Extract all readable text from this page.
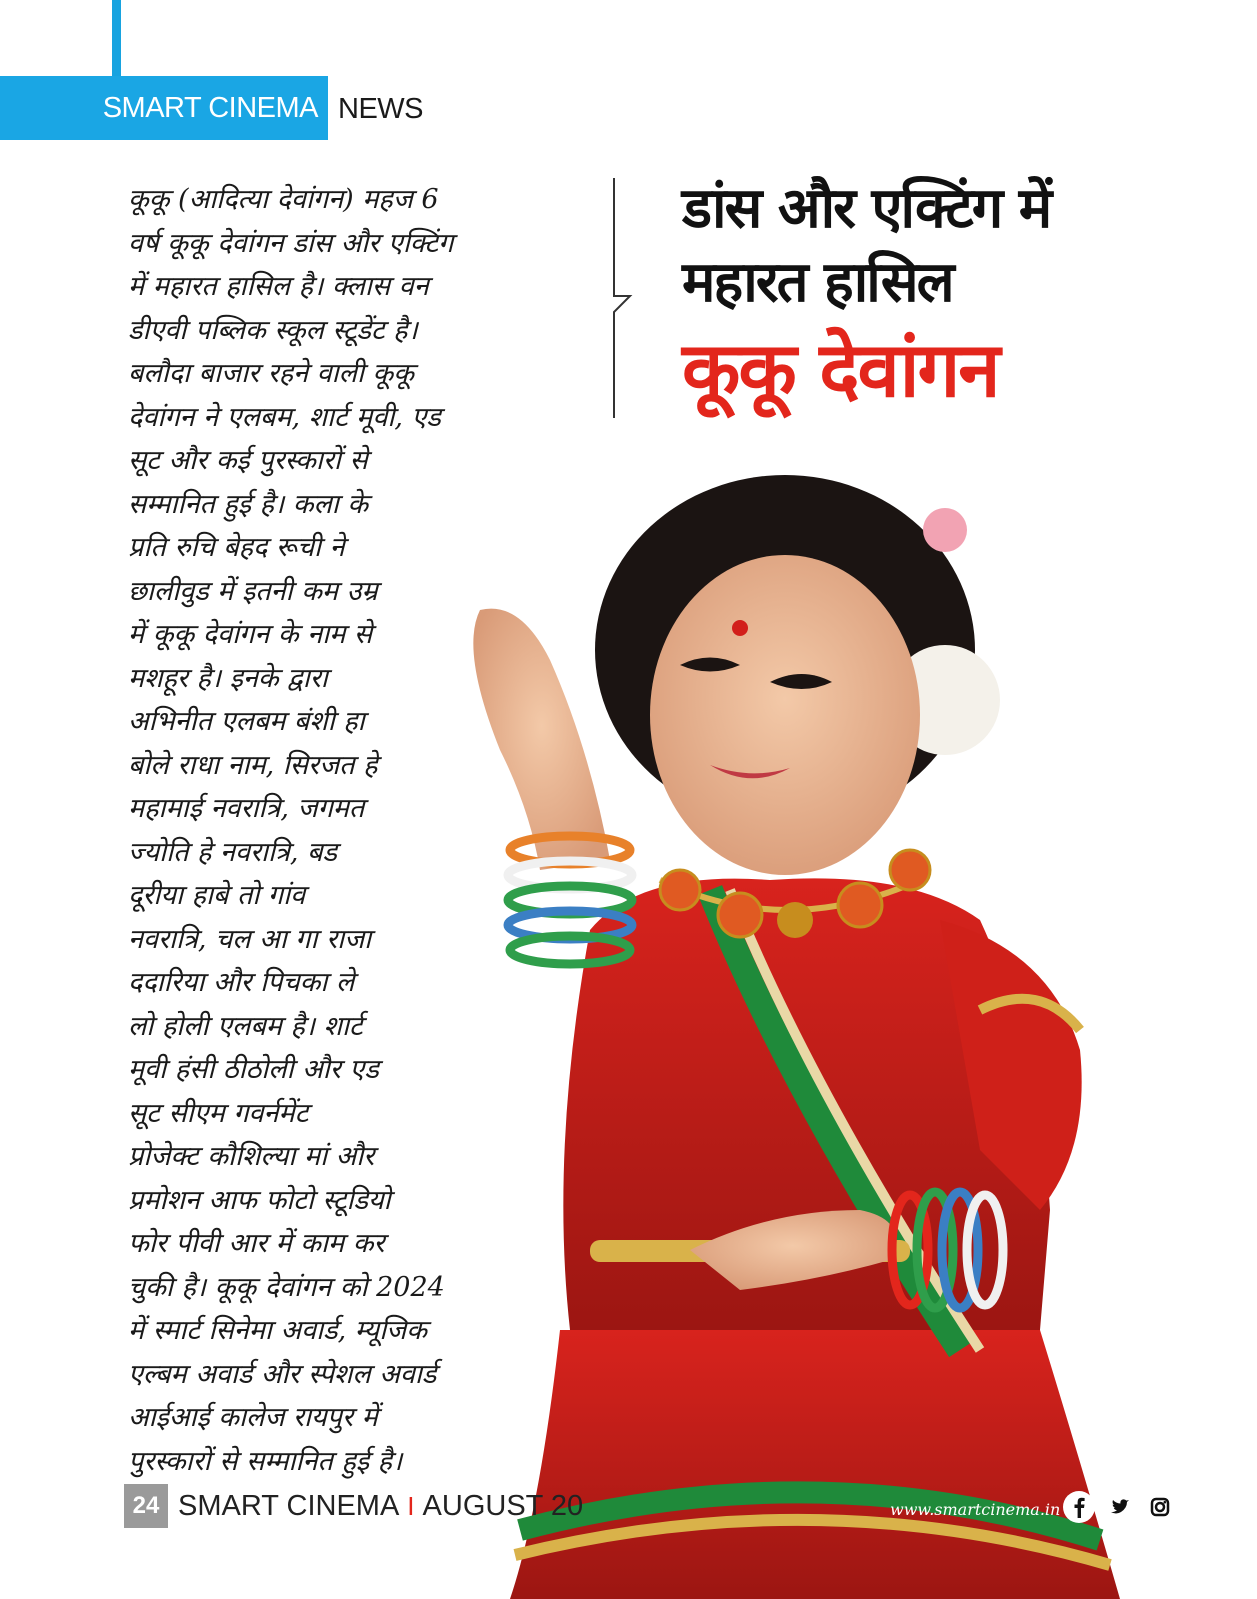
SMART CINEMA NEWS

कूकू (आदित्या देवांगन) महज 6
वर्ष कूकू देवांगन डांस और एक्टिंग
में महारत हासिल है। क्लास वन
डीएवी पब्लिक स्कूल स्टूडेंट है।
बलौदा बाजार रहने वाली कूकू
देवांगन ने एलबम, शार्ट मूवी, एड
सूट और कई पुरस्कारों से
सम्मानित हुई है। कला के
प्रति रुचि बेहद रूची ने
छालीवुड में इतनी कम उम्र
में कूकू देवांगन के नाम से
मशहूर है। इनके द्वारा
अभिनीत एलबम बंशी हा
बोले राधा नाम, सिरजत हे
महामाई नवरात्रि, जगमत
ज्योति हे नवरात्रि, बड
दूरीया हाबे तो गांव
नवरात्रि, चल आ गा राजा
ददारिया और पिचका ले
लो होली एलबम है। शार्ट
मूवी हंसी ठीठोली और एड
सूट सीएम गवर्नमेंट
प्रोजेक्ट कौशिल्या मां और
प्रमोशन आफ फोटो स्टूडियो
फोर पीवी आर में काम कर
चुकी है। कूकू देवांगन को 2024
में स्मार्ट सिनेमा अवार्ड, म्यूजिक
एल्बम अवार्ड और स्पेशल अवार्ड
आईआई कालेज रायपुर में
पुरस्कारों से सम्मानित हुई है।

डांस और एक्टिंग में
महारत हासिल
कूकू देवांगन
24 SMART CINEMA I AUGUST 20	www.smartcinema.in
